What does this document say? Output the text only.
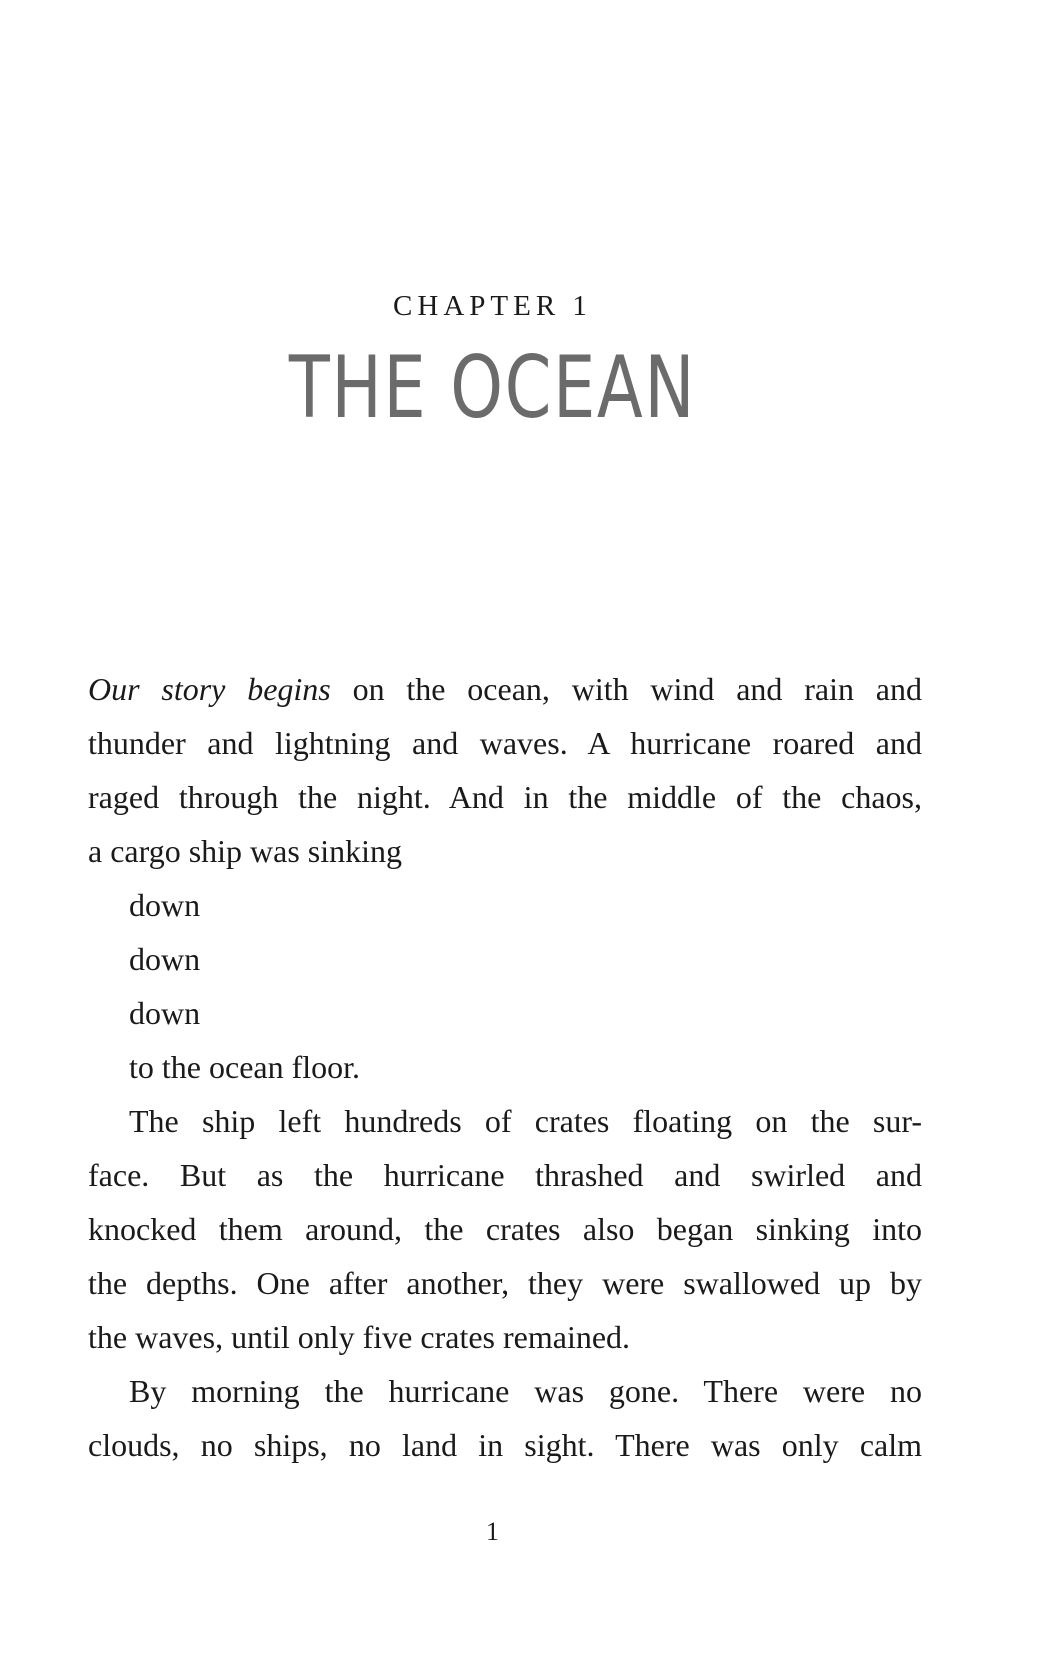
CHAPTER 1
THE OCEAN
Our story begins on the ocean, with wind and rain and
thunder and lightning and waves. A hurricane roared and
raged through the night. And in the middle of the chaos,
a cargo ship was sinking
down
down
down
to the ocean floor.
The ship left hundreds of crates floating on the sur-
face. But as the hurricane thrashed and swirled and
knocked them around, the crates also began sinking into
the depths. One after another, they were swallowed up by
the waves, until only five crates remained.
By morning the hurricane was gone. There were no
clouds, no ships, no land in sight. There was only calm
1
